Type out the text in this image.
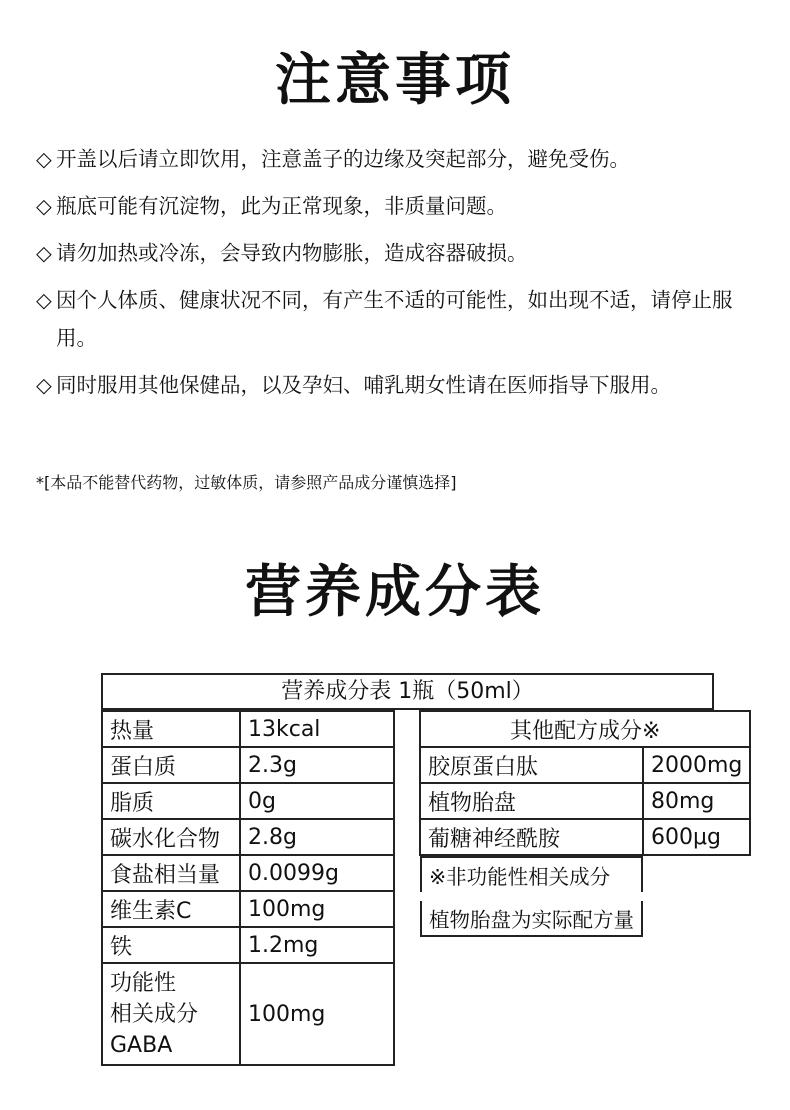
注意事项
◇ 开盖以后请立即饮用，注意盖子的边缘及突起部分，避免受伤。
◇ 瓶底可能有沉淀物，此为正常现象，非质量问题。
◇ 请勿加热或冷冻，会导致内物膨胀，造成容器破损。
◇ 因个人体质、健康状况不同，有产生不适的可能性，如出现不适，请停止服用。
◇ 同时服用其他保健品，以及孕妇、哺乳期女性请在医师指导下服用。
*[本品不能替代药物，过敏体质，请参照产品成分谨慎选择]
营养成分表
营养成分表 1瓶（50ml）
热量	13kcal
蛋白质	2.3g
脂质	0g
碳水化合物	2.8g
食盐相当量	0.0099g
维生素C	100mg
铁	1.2mg
功能性
相关成分
GABA	100mg
其他配方成分※	
胶原蛋白肽	2000mg
植物胎盘	80mg
葡糖神经酰胺	600μg

※非功能性相关成分

植物胎盘为实际配方量
